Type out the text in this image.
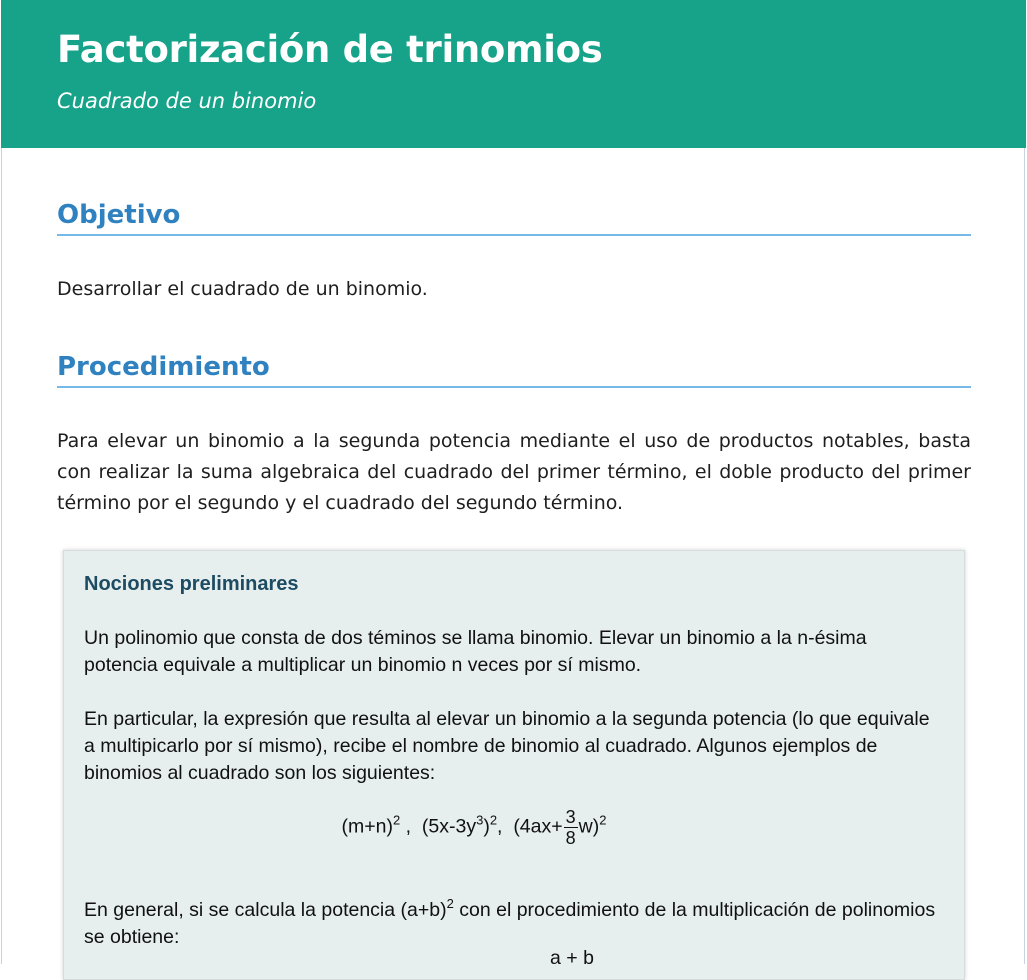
Factorización de trinomios
Cuadrado de un binomio
Objetivo
Desarrollar el cuadrado de un binomio.
Procedimiento
Para elevar un binomio a la segunda potencia mediante el uso de productos notables, basta con realizar la suma algebraica del cuadrado del primer término, el doble producto del primer término por el segundo y el cuadrado del segundo término.
Nociones preliminares
Un polinomio que consta de dos téminos se llama binomio. Elevar un binomio a la n-ésima potencia equivale a multiplicar un binomio n veces por sí mismo.
En particular, la expresión que resulta al elevar un binomio a la segunda potencia (lo que equivale a multipicarlo por sí mismo), recibe el nombre de binomio al cuadrado. Algunos ejemplos de binomios al cuadrado son los siguientes:
$(m+n)^2$ ,  $(5x-3y^3)^2$,  $(4ax+ \frac{3}{8} w)^2$
En general, si se calcula la potencia $(a+b)^2$ con el procedimiento de la multiplicación de polinomios se obtiene:
a + b
